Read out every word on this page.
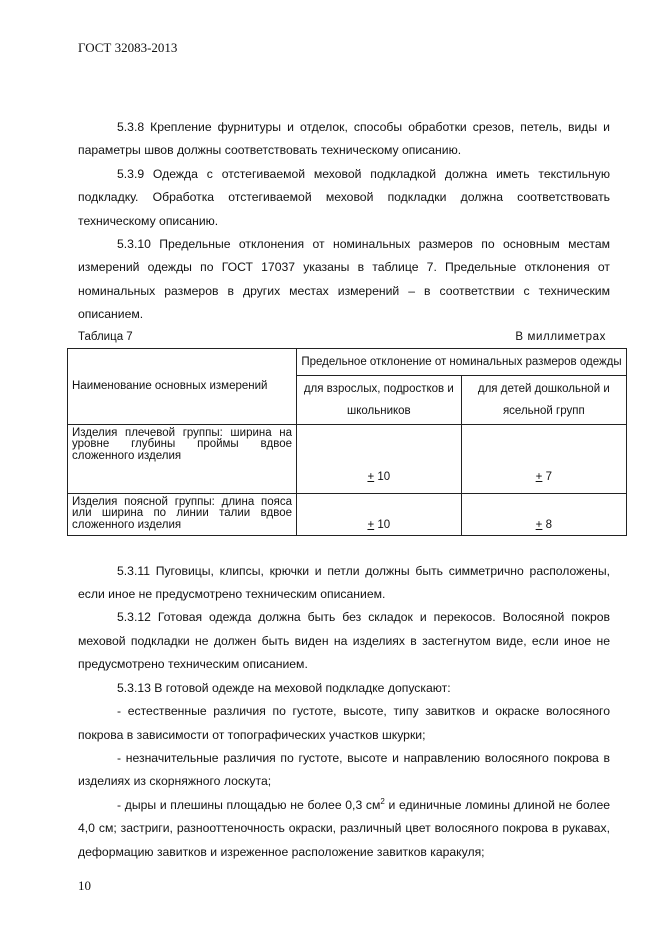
ГОСТ 32083-2013

5.3.8 Крепление фурнитуры и отделок, способы обработки срезов, петель, виды и параметры швов должны соответствовать техническому описанию.

5.3.9 Одежда с отстегиваемой меховой подкладкой должна иметь текстильную подкладку. Обработка отстегиваемой меховой подкладки должна соответствовать техническому описанию.

5.3.10 Предельные отклонения от номинальных размеров по основным местам измерений одежды по ГОСТ 17037 указаны в таблице 7. Предельные отклонения от номинальных размеров в других местах измерений – в соответствии с техническим описанием.

Таблица 7	В миллиметрах
Наименование основных измерений	Предельное отклонение от номинальных размеров одежды	
	для взрослых, подростков и школьников	для детей дошкольной и ясельной групп
Изделия плечевой группы: ширина на уровне глубины проймы вдвое сложенного изделия	+ 10	+ 7
Изделия поясной группы: длина пояса или ширина по линии талии вдвое сложенного изделия	+ 10	+ 8

5.3.11 Пуговицы, клипсы, крючки и петли должны быть симметрично расположены, если иное не предусмотрено техническим описанием.

5.3.12 Готовая одежда должна быть без складок и перекосов. Волосяной покров меховой подкладки не должен быть виден на изделиях в застегнутом виде, если иное не предусмотрено техническим описанием.

5.3.13 В готовой одежде на меховой подкладке допускают:

- естественные различия по густоте, высоте, типу завитков и окраске волосяного покрова в зависимости от топографических участков шкурки;

- незначительные различия по густоте, высоте и направлению волосяного покрова в изделиях из скорняжного лоскута;

- дыры и плешины площадью не более 0,3 $см^2$ и единичные ломины длиной не более 4,0 см; застриги, разнооттеночность окраски, различный цвет волосяного покрова в рукавах, деформацию завитков и изреженное расположение завитков каракуля;

10
